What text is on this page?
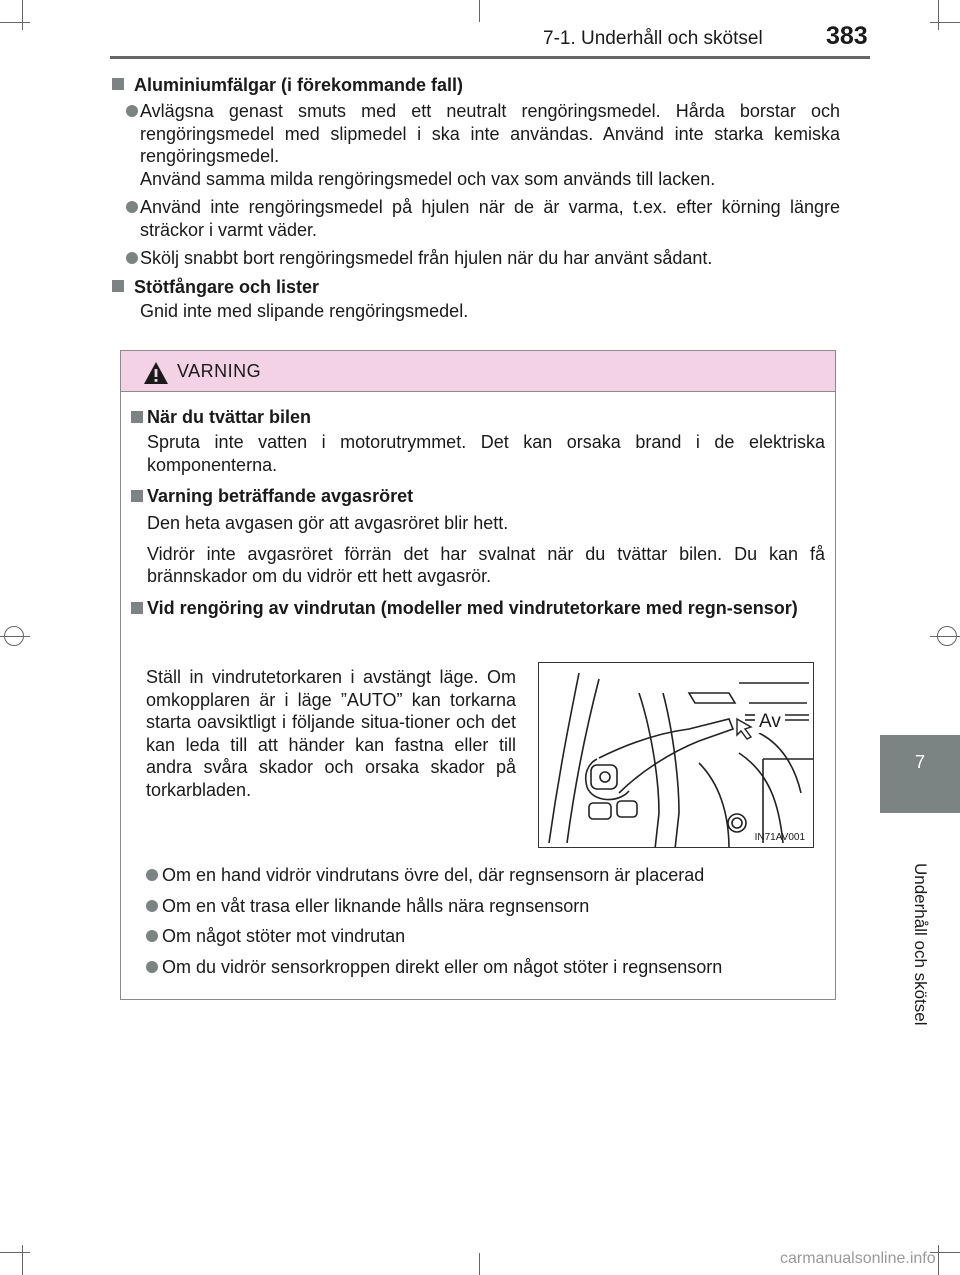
7-1. Underhåll och skötsel	383
7
Underhåll och skötsel
Aluminiumfälgar (i förekommande fall)
Avlägsna genast smuts med ett neutralt rengöringsmedel. Hårda borstar och rengöringsmedel med slipmedel i ska inte användas. Använd inte starka kemiska rengöringsmedel.
Använd samma milda rengöringsmedel och vax som används till lacken.
Använd inte rengöringsmedel på hjulen när de är varma, t.ex. efter körning längre sträckor i varmt väder.
Skölj snabbt bort rengöringsmedel från hjulen när du har använt sådant.
Stötfångare och lister
Gnid inte med slipande rengöringsmedel.
VARNING
När du tvättar bilen
Spruta inte vatten i motorutrymmet. Det kan orsaka brand i de elektriska komponenterna.
Varning beträffande avgasröret
Den heta avgasen gör att avgasröret blir hett.
Vidrör inte avgasröret förrän det har svalnat när du tvättar bilen. Du kan få brännskador om du vidrör ett hett avgasrör.
Vid rengöring av vindrutan (modeller med vindrutetorkare med regn-sensor)
Ställ in vindrutetorkaren i avstängt läge. Om omkopplaren är i läge ”AUTO” kan torkarna starta oavsiktligt i följande situa-tioner och det kan leda till att händer kan fastna eller till andra svåra skador och orsaka skador på torkarbladen.
Av
IN71AV001
Om en hand vidrör vindrutans övre del, där regnsensorn är placerad
Om en våt trasa eller liknande hålls nära regnsensorn
Om något stöter mot vindrutan
Om du vidrör sensorkroppen direkt eller om något stöter i regnsensorn
carmanualsonline.info
